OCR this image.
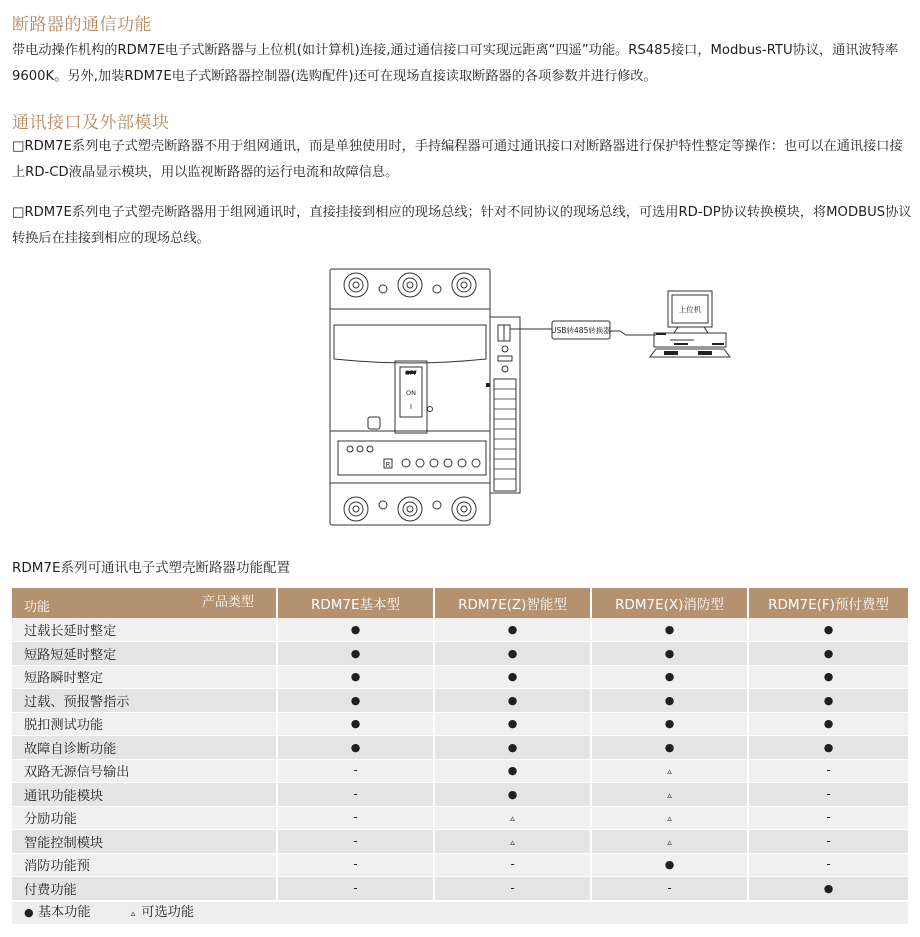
断路器的通信功能

带电动操作机构的RDM7E电子式断路器与上位机(如计算机)连接,通过通信接口可实现远距离“四遥”功能。RS485接口，Modbus-RTU协议，通讯波特率9600K。另外,加装RDM7E电子式断路器控制器(选购配件)还可在现场直接读取断路器的各项参数并进行修改。

通讯接口及外部模块

□RDM7E系列电子式塑壳断路器不用于组网通讯，而是单独使用时，手持编程器可通过通讯接口对断路器进行保护特性整定等操作：也可以在通讯接口接上RD-CD液晶显示模块，用以监视断路器的运行电流和故障信息。

□RDM7E系列电子式塑壳断路器用于组网通讯时，直接挂接到相应的现场总线；针对不同协议的现场总线，可选用RD-DP协议转换模块，将MODBUS协议转换后在挂接到相应的现场总线。

OFF
ON
I
R
USB转485转换器
上位机
RDM7E系列可通讯电子式塑壳断路器功能配置
产品类型
功能	RDM7E基本型	RDM7E(Z)智能型	RDM7E(X)消防型	RDM7E(F)预付费型
过载长延时整定	●	●	●	●
短路短延时整定	●	●	●	●
短路瞬时整定	●	●	●	●
过载、预报警指示	●	●	●	●
脱扣测试功能	●	●	●	●
故障自诊断功能	●	●	●	●
双路无源信号输出	-	●	▵	-
通讯功能模块	-	●	▵	-
分励功能	-	▵	▵	-
智能控制模块	-	▵	▵	-
消防功能预	-	-	●	-
付费功能	-	-	-	●
● 基本功能	▵ 可选功能
